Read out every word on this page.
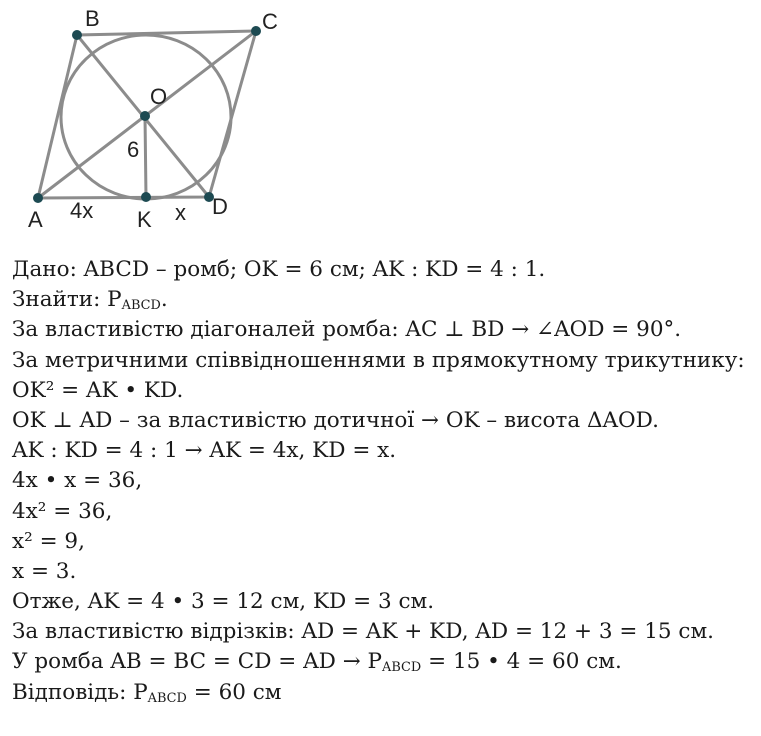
B	C
O
6
A 4x K x D
Дано: ABCD – ромб; OK = 6 см; AK : KD = 4 : 1.
Знайти: $P_{ABCD}$.
За властивістю діагоналей ромба: AC ⊥ BD → ∠AOD = 90°.
За метричними співвідношеннями в прямокутному трикутнику:
OK² = AK • KD.
OK ⊥ AD – за властивістю дотичної → OK – висота ΔAOD.
AK : KD = 4 : 1 → AK = 4x, KD = x.
4x • x = 36,
4x² = 36,
x² = 9,
x = 3.
Отже, AK = 4 • 3 = 12 см, KD = 3 см.
За властивістю відрізків: AD = AK + KD, AD = 12 + 3 = 15 см.
У ромба AB = BC = CD = AD → $P_{ABCD} = 15$ • 4 = 60 см.
Відповідь: $P_{ABCD} = 60$ см
